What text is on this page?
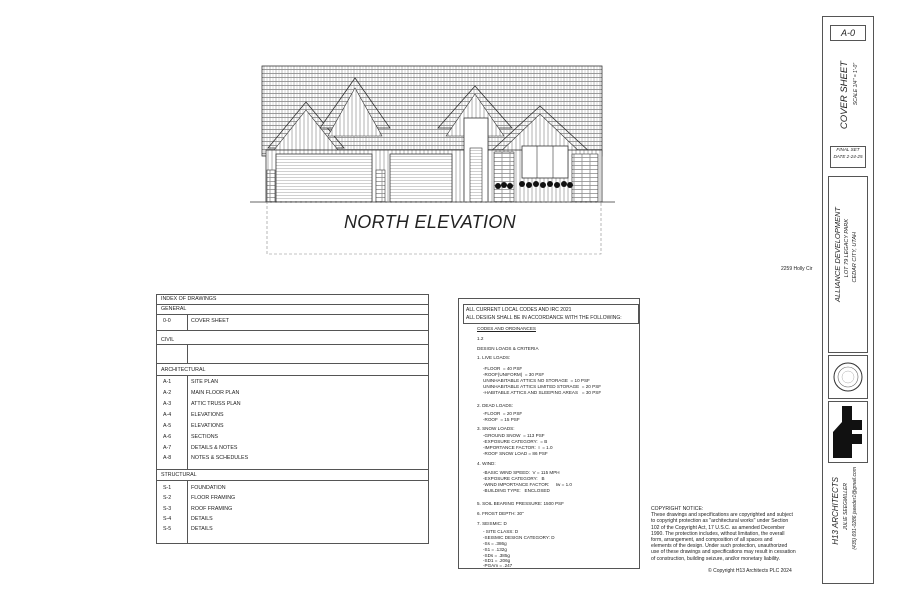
NORTH ELEVATION
2259 Holly Cir
INDEX OF DRAWINGS
GENERAL
0-0	COVER SHEET
CIVIL
ARCHITECTURAL
A-1	SITE PLAN
A-2	MAIN FLOOR PLAN
A-3	ATTIC TRUSS PLAN
A-4	ELEVATIONS
A-5	ELEVATIONS
A-6	SECTIONS
A-7	DETAILS & NOTES
A-8	NOTES & SCHEDULES
STRUCTURAL
S-1	FOUNDATION
S-2	FLOOR FRAMING
S-3	ROOF FRAMING
S-4	DETAILS
S-5	DETAILS
ALL CURRENT LOCAL CODES AND IRC 2021
ALL DESIGN SHALL BE IN ACCORDANCE WITH THE FOLLOWING:
CODES AND ORDINANCES
1.2
DESIGN LOADS & CRITERIA
1. LIVE LOADS:
-FLOOR  = 40 PSF
-ROOF(UNIFORM)  = 30 PSF
UNINHABITABLE ATTICS NO STORAGE  = 10 PSF
UNINHABITABLE ATTICS LIMITED STORAGE  = 20 PSF
-HABITABLE ATTICS AND SLEEPING AREAS   = 30 PSF
2. DEAD LOADS:
-FLOOR  = 20 PSF
-ROOF  = 15 PSF
3. SNOW LOADS:
-GROUND SNOW  = 113 PSF
-EXPOSURE CATEGORY:  = B
-IMPORTANCE FACTOR:  I  = 1.0
-ROOF SNOW LOAD = 86 PSF
4. WIND:
-BASIC WIND SPEED:  V = 115 MPH
-EXPOSURE CATEGORY:   B
-WIND IMPORTANCE FACTOR:     Iw = 1.0
-BUILDING TYPE:   ENCLOSED
5. SOIL BEARING PRESSURE: 1500 PSF
6. FROST DEPTH: 30"
7. SEISMIC: D
- SITE CLASS: D
-SEISMIC DESIGN CATEGORY: D
-Ss = .386g
-S1 = .132g
-SDs = .385g
-SD1 = .206g
-PGAm = .247
COPYRIGHT NOTICE:
These drawings and specifications are copyrighted and subject
to copyright protection as "architectural works" under Section
102 of the Copyright Act, 17 U.S.C. as amended December
1990. The protection includes, without limitation, the overall
form, arrangement, and composition of all spaces and
elements of the design. Under such protection, unauthorized
use of these drawings and specifications may result in cessation
of construction, building seizure, and/or monetary liability.
© Copyright H13 Architects PLC 2024
A-0
COVER SHEET SCALE 1/4" = 1'-0"
FINAL SET
DATE 2-24-25
ALLIANCE DEVELOPMENT LOT 79 LEGACY PARK CEDAR CITY, UTAH
H13 ARCHITECTS JULIE SEEGMILLER (435) 691-0286 jseeder1@gmail.com
